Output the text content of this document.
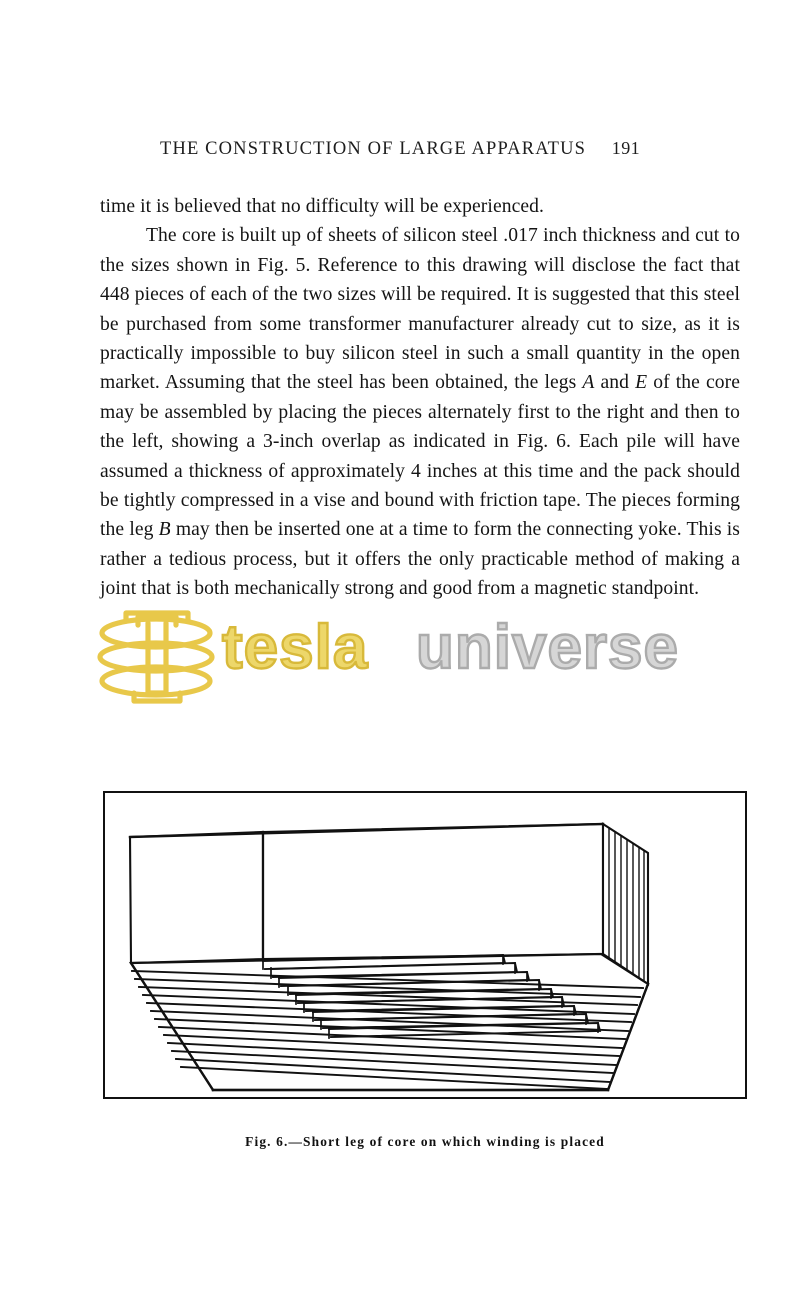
THE CONSTRUCTION OF LARGE APPARATUS	191

time it is believed that no difficulty will be experienced.

The core is built up of sheets of silicon steel .017 inch thickness and cut to the sizes shown in Fig. 5. Reference to this drawing will disclose the fact that 448 pieces of each of the two sizes will be required. It is suggested that this steel be purchased from some transformer manufacturer already cut to size, as it is practically impossible to buy silicon steel in such a small quantity in the open market. Assuming that the steel has been obtained, the legs A and E of the core may be assembled by placing the pieces alternately first to the right and then to the left, showing a 3-inch overlap as indicated in Fig. 6. Each pile will have assumed a thickness of approximately 4 inches at this time and the pack should be tightly compressed in a vise and bound with friction tape. The pieces forming the leg B may then be inserted one at a time to form the connecting yoke. This is rather a tedious process, but it offers the only practicable method of making a joint that is both mechanically strong and good from a magnetic standpoint.

Fig. 6.—Short leg of core on which winding is placed
tesla universe
